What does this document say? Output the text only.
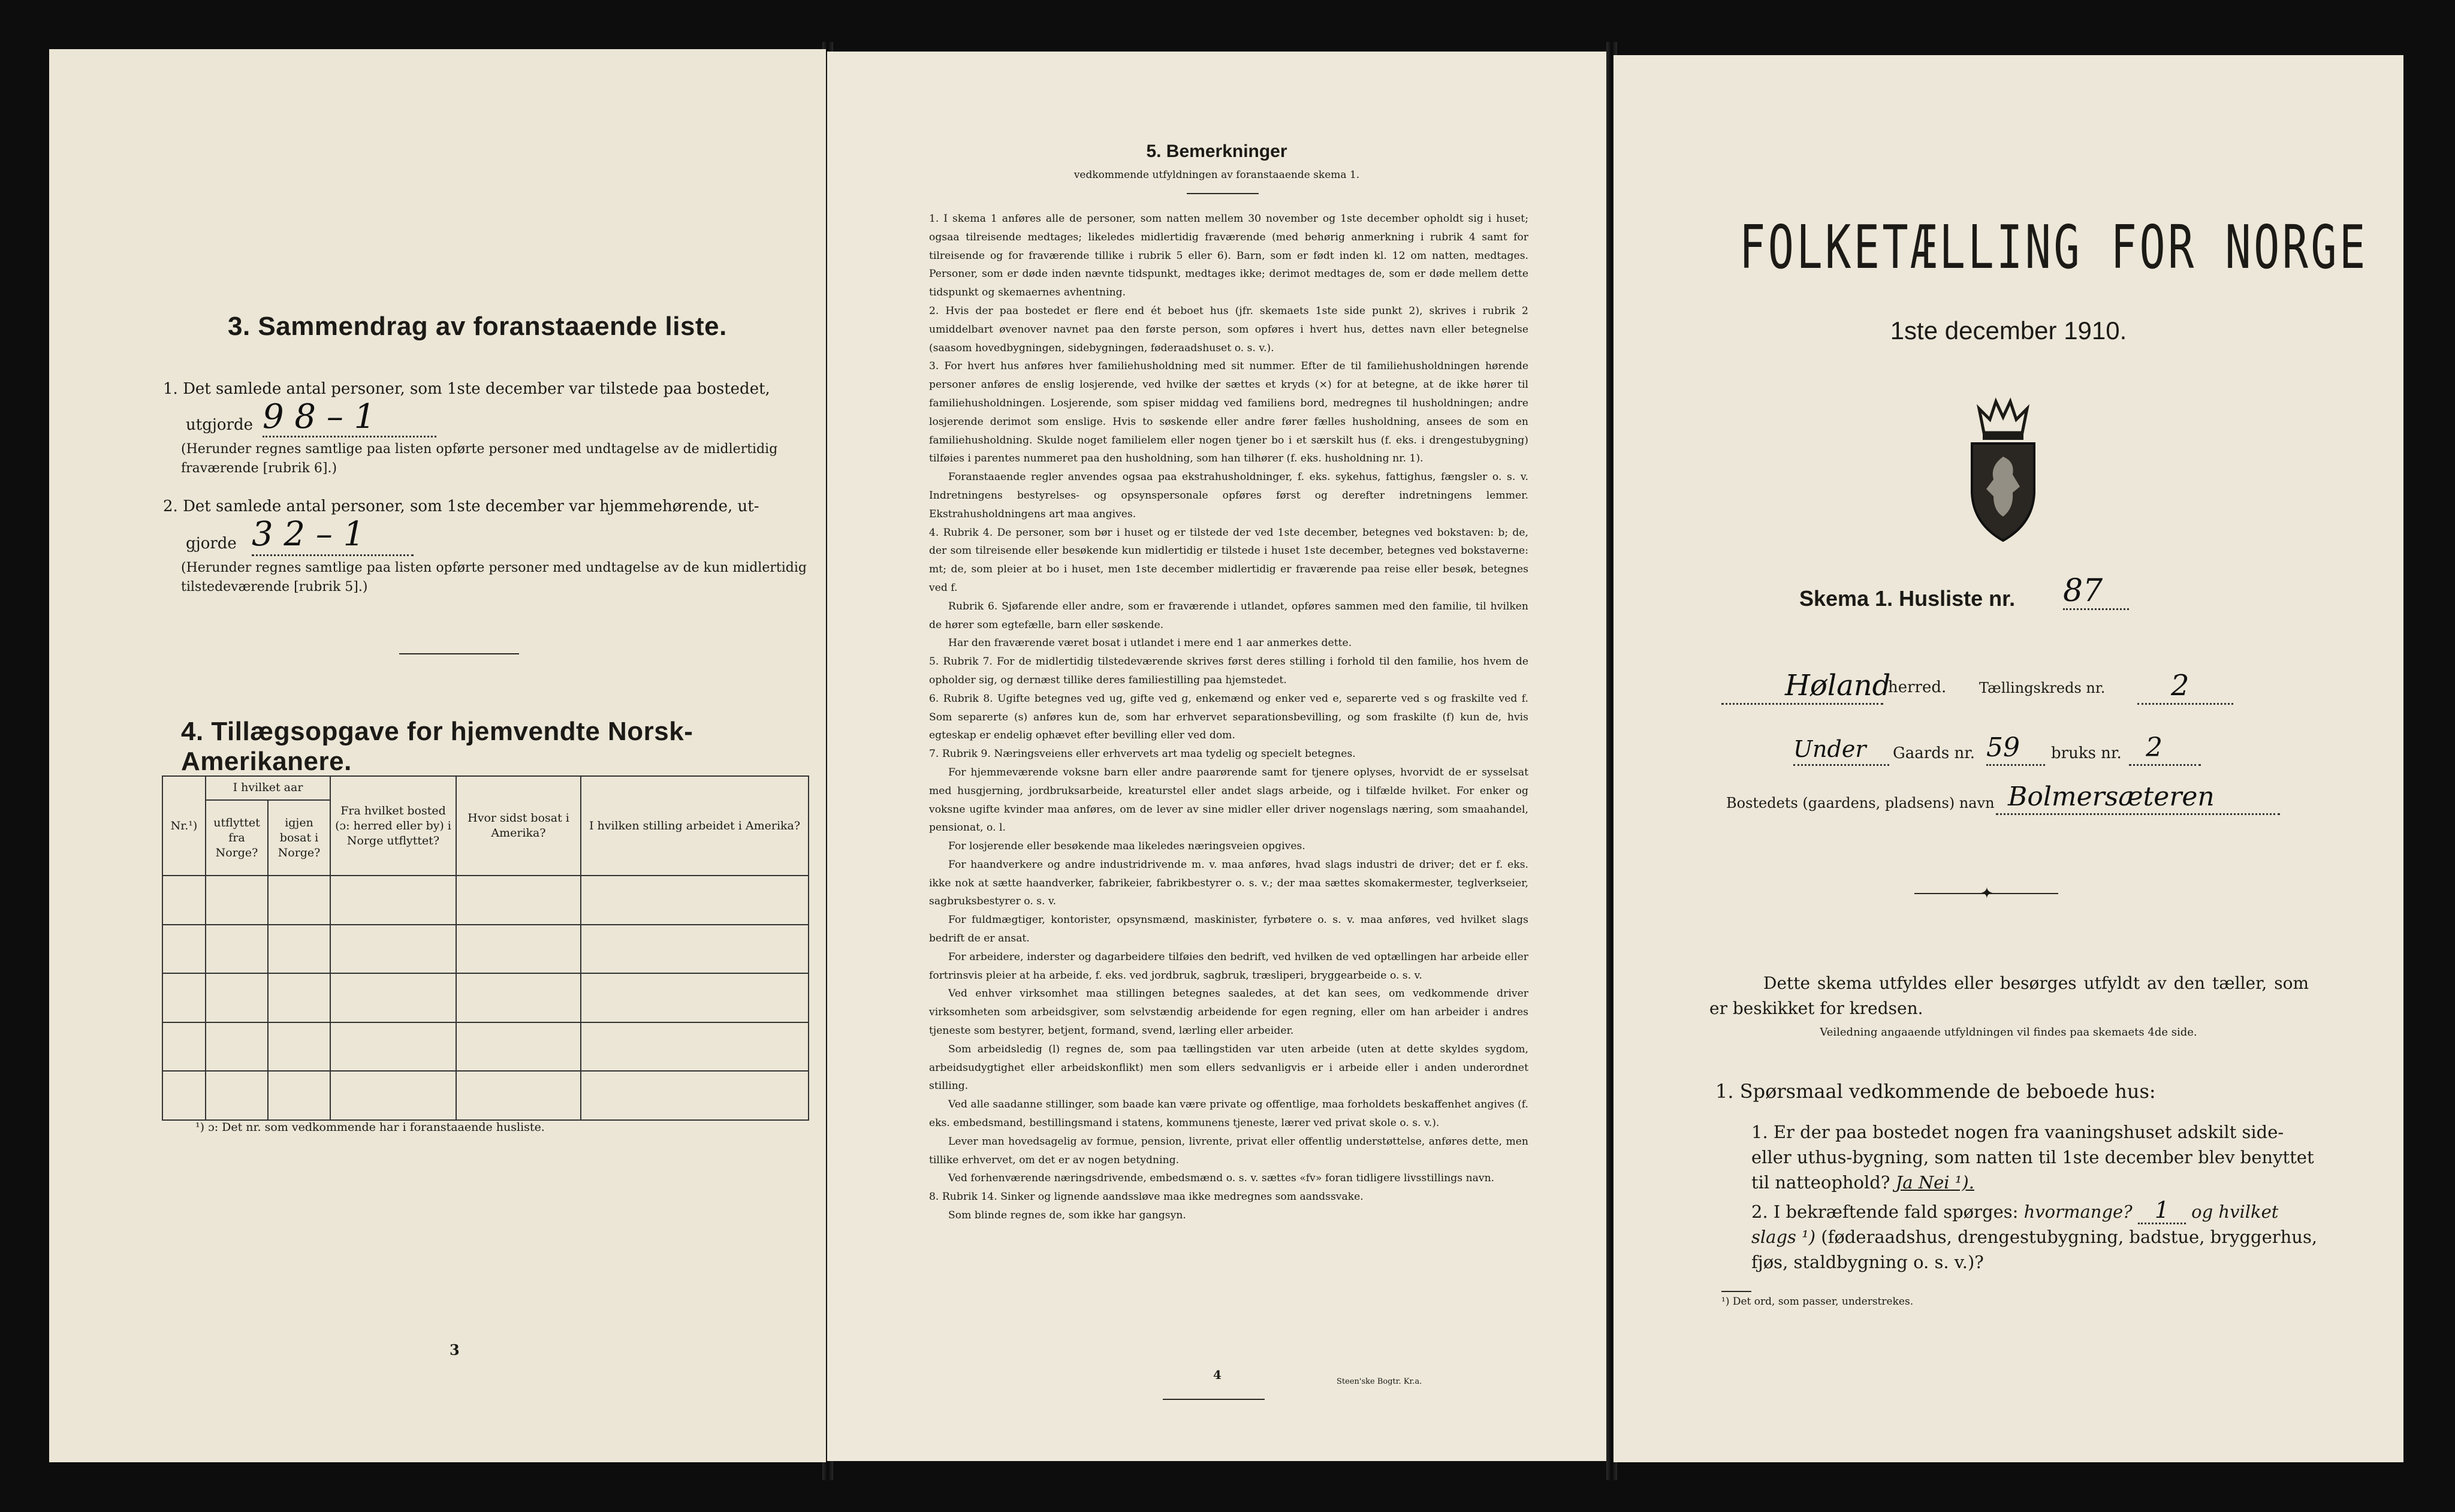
3. Sammendrag av foranstaaende liste.
1. Det samlede antal personer, som 1ste december var tilstede paa bostedet,
utgjorde 9 8 – 1
(Herunder regnes samtlige paa listen opførte personer med undtagelse av de midlertidig fraværende [rubrik 6].)
2. Det samlede antal personer, som 1ste december var hjemmehørende, ut-
gjorde 3 2 – 1
(Herunder regnes samtlige paa listen opførte personer med undtagelse av de kun midlertidig tilstedeværende [rubrik 5].)
4. Tillægsopgave for hjemvendte Norsk-Amerikanere.
Nr.¹)	I hvilket aar		Fra hvilket bosted (ɔ: herred eller by) i Norge utflyttet?	Hvor sidst bosat i Amerika?	I hvilken stilling arbeidet i Amerika?
	utflyttet fra Norge?	igjen bosat i Norge?			

¹) ɔ: Det nr. som vedkommende har i foranstaaende husliste.
3
5. Bemerkninger
vedkommende utfyldningen av foranstaaende skema 1.

1. I skema 1 anføres alle de personer, som natten mellem 30 november og 1ste december opholdt sig i huset; ogsaa tilreisende medtages; likeledes midlertidig fraværende (med behørig anmerkning i rubrik 4 samt for tilreisende og for fraværende tillike i rubrik 5 eller 6). Barn, som er født inden kl. 12 om natten, medtages. Personer, som er døde inden nævnte tidspunkt, medtages ikke; derimot medtages de, som er døde mellem dette tidspunkt og skemaernes avhentning.

2. Hvis der paa bostedet er flere end ét beboet hus (jfr. skemaets 1ste side punkt 2), skrives i rubrik 2 umiddelbart øvenover navnet paa den første person, som opføres i hvert hus, dettes navn eller betegnelse (saasom hovedbygningen, sidebygningen, føderaadshuset o. s. v.).

3. For hvert hus anføres hver familiehusholdning med sit nummer. Efter de til familiehusholdningen hørende personer anføres de enslig losjerende, ved hvilke der sættes et kryds (×) for at betegne, at de ikke hører til familiehusholdningen. Losjerende, som spiser middag ved familiens bord, medregnes til husholdningen; andre losjerende derimot som enslige. Hvis to søskende eller andre fører fælles husholdning, ansees de som en familiehusholdning. Skulde noget familielem eller nogen tjener bo i et særskilt hus (f. eks. i drengestubygning) tilføies i parentes nummeret paa den husholdning, som han tilhører (f. eks. husholdning nr. 1).

Foranstaaende regler anvendes ogsaa paa ekstrahusholdninger, f. eks. sykehus, fattighus, fængsler o. s. v. Indretningens bestyrelses- og opsynspersonale opføres først og derefter indretningens lemmer. Ekstrahusholdningens art maa angives.

4. Rubrik 4. De personer, som bør i huset og er tilstede der ved 1ste december, betegnes ved bokstaven: b; de, der som tilreisende eller besøkende kun midlertidig er tilstede i huset 1ste december, betegnes ved bokstaverne: mt; de, som pleier at bo i huset, men 1ste december midlertidig er fraværende paa reise eller besøk, betegnes ved f.

Rubrik 6. Sjøfarende eller andre, som er fraværende i utlandet, opføres sammen med den familie, til hvilken de hører som egtefælle, barn eller søskende.

Har den fraværende været bosat i utlandet i mere end 1 aar anmerkes dette.

5. Rubrik 7. For de midlertidig tilstedeværende skrives først deres stilling i forhold til den familie, hos hvem de opholder sig, og dernæst tillike deres familiestilling paa hjemstedet.

6. Rubrik 8. Ugifte betegnes ved ug, gifte ved g, enkemænd og enker ved e, separerte ved s og fraskilte ved f. Som separerte (s) anføres kun de, som har erhvervet separationsbevilling, og som fraskilte (f) kun de, hvis egteskap er endelig ophævet efter bevilling eller ved dom.

7. Rubrik 9. Næringsveiens eller erhvervets art maa tydelig og specielt betegnes.

For hjemmeværende voksne barn eller andre paarørende samt for tjenere oplyses, hvorvidt de er sysselsat med husgjerning, jordbruksarbeide, kreaturstel eller andet slags arbeide, og i tilfælde hvilket. For enker og voksne ugifte kvinder maa anføres, om de lever av sine midler eller driver nogenslags næring, som smaahandel, pensionat, o. l.

For losjerende eller besøkende maa likeledes næringsveien opgives.

For haandverkere og andre industridrivende m. v. maa anføres, hvad slags industri de driver; det er f. eks. ikke nok at sætte haandverker, fabrikeier, fabrikbestyrer o. s. v.; der maa sættes skomakermester, teglverkseier, sagbruksbestyrer o. s. v.

For fuldmægtiger, kontorister, opsynsmænd, maskinister, fyrbøtere o. s. v. maa anføres, ved hvilket slags bedrift de er ansat.

For arbeidere, inderster og dagarbeidere tilføies den bedrift, ved hvilken de ved optællingen har arbeide eller fortrinsvis pleier at ha arbeide, f. eks. ved jordbruk, sagbruk, træsliperi, bryggearbeide o. s. v.

Ved enhver virksomhet maa stillingen betegnes saaledes, at det kan sees, om vedkommende driver virksomheten som arbeidsgiver, som selvstændig arbeidende for egen regning, eller om han arbeider i andres tjeneste som bestyrer, betjent, formand, svend, lærling eller arbeider.

Som arbeidsledig (l) regnes de, som paa tællingstiden var uten arbeide (uten at dette skyldes sygdom, arbeidsudygtighet eller arbeidskonflikt) men som ellers sedvanligvis er i arbeide eller i anden underordnet stilling.

Ved alle saadanne stillinger, som baade kan være private og offentlige, maa forholdets beskaffenhet angives (f. eks. embedsmand, bestillingsmand i statens, kommunens tjeneste, lærer ved privat skole o. s. v.).

Lever man hovedsagelig av formue, pension, livrente, privat eller offentlig understøttelse, anføres dette, men tillike erhvervet, om det er av nogen betydning.

Ved forhenværende næringsdrivende, embedsmænd o. s. v. sættes «fv» foran tidligere livsstillings navn.

8. Rubrik 14. Sinker og lignende aandssløve maa ikke medregnes som aandssvake.

Som blinde regnes de, som ikke har gangsyn.

4	Steen'ske Bogtr. Kr.a.
FOLKETÆLLING FOR NORGE
1ste december 1910.
Skema 1. Husliste nr. 87
Høland
herred. Tællingskreds nr.	2
Under	Gaards nr. 59	bruks nr. 2
Bostedets (gaardens, pladsens) navn Bolmersæteren
✦
Dette skema utfyldes eller besørges utfyldt av den tæller, som er beskikket for kredsen.
Veiledning angaaende utfyldningen vil findes paa skemaets 4de side.
1. Spørsmaal vedkommende de beboede hus:
1. Er der paa bostedet nogen fra vaaningshuset adskilt side- eller uthus-bygning, som natten til 1ste december blev benyttet til natteophold? Ja Nei ¹).
2. I bekræftende fald spørges: hvormange? 1 og hvilket slags ¹) (føderaadshus, drengestubygning, badstue, bryggerhus, fjøs, staldbygning o. s. v.)?
¹) Det ord, som passer, understrekes.
